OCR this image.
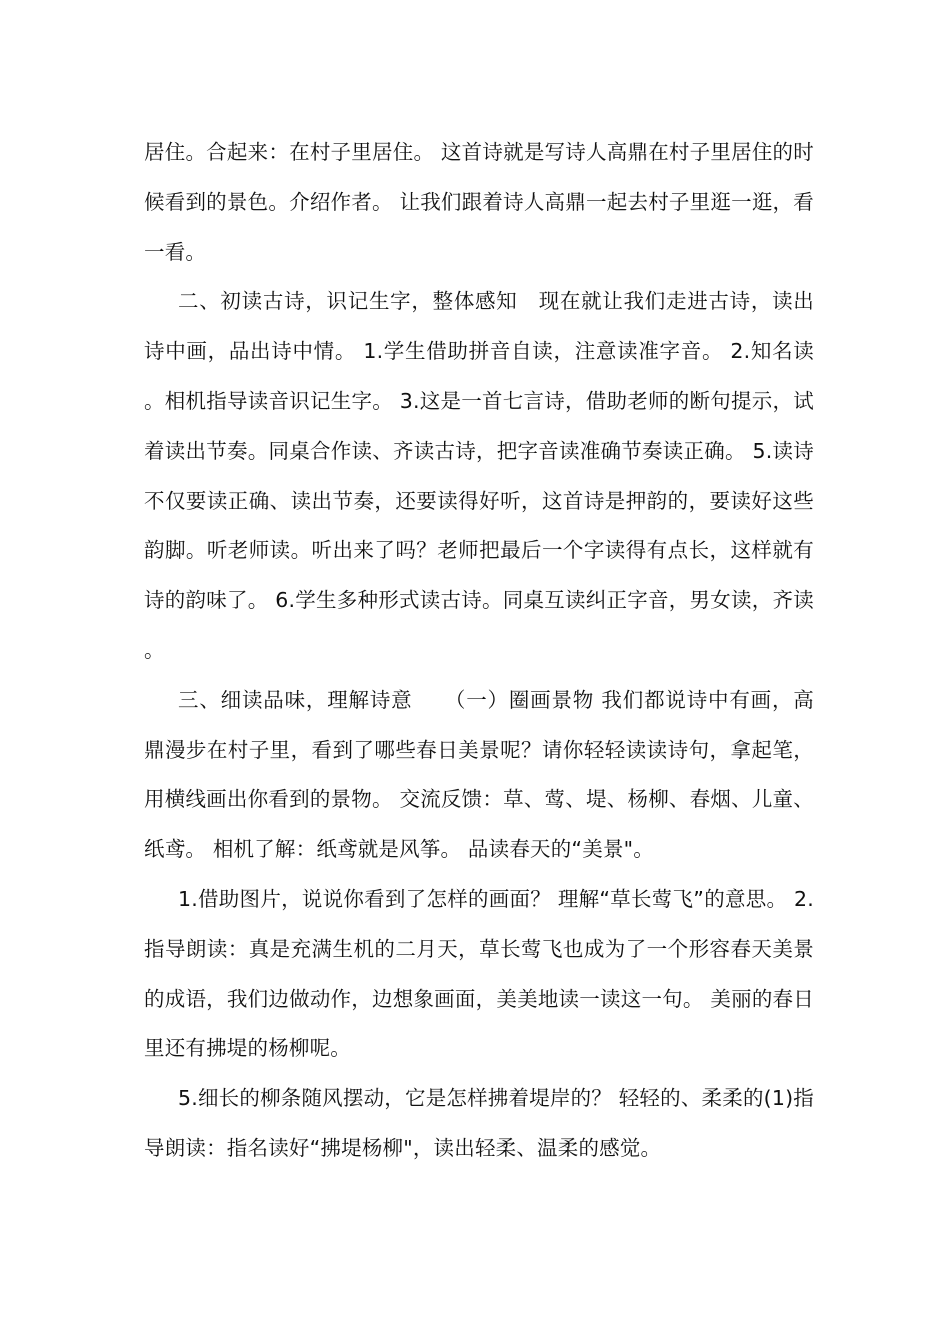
居住。合起来：在村子里居住。 这首诗就是写诗人高鼎在村子里居住的时候看到的景色。介绍作者。 让我们跟着诗人高鼎一起去村子里逛一逛，看一看。

二、初读古诗，识记生字，整体感知　现在就让我们走进古诗，读出诗中画，品出诗中情。 1.学生借助拼音自读，注意读准字音。 2.知名读。相机指导读音识记生字。 3.这是一首七言诗，借助老师的断句提示，试着读出节奏。同桌合作读、齐读古诗，把字音读准确节奏读正确。 5.读诗不仅要读正确、读出节奏，还要读得好听，这首诗是押韵的，要读好这些韵脚。听老师读。听出来了吗？老师把最后一个字读得有点长，这样就有诗的韵味了。 6.学生多种形式读古诗。同桌互读纠正字音，男女读，齐读。

三、细读品味，理解诗意　　（一）圈画景物 我们都说诗中有画，高鼎漫步在村子里，看到了哪些春日美景呢？请你轻轻读读诗句，拿起笔，用横线画出你看到的景物。 交流反馈：草、莺、堤、杨柳、春烟、儿童、纸鸢。 相机了解：纸鸢就是风筝。 品读春天的“美景"。

1.借助图片，说说你看到了怎样的画面？ 理解“草长莺飞”的意思。 2.指导朗读：真是充满生机的二月天，草长莺飞也成为了一个形容春天美景的成语，我们边做动作，边想象画面，美美地读一读这一句。 美丽的春日里还有拂堤的杨柳呢。

5.细长的柳条随风摆动，它是怎样拂着堤岸的？ 轻轻的、柔柔的(1)指导朗读：指名读好“拂堤杨柳"，读出轻柔、温柔的感觉。
